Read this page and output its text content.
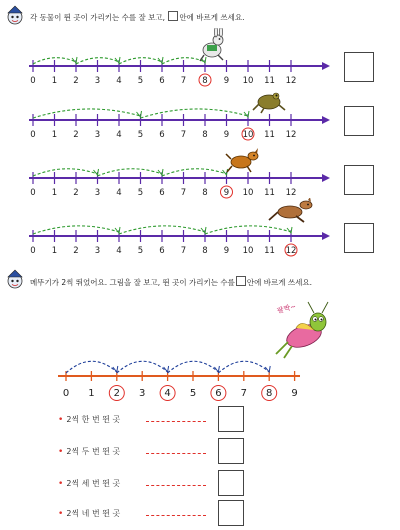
각 동물이 뛴 곳이 가리키는 수를 잘 보고, 안에 바르게 쓰세요.
0 1 2 3 4 5 6 7 8 9 10 11 12
0 1 2 3 4 5 6 7 8 9 10 11 12
0 1 2 3 4 5 6 7 8 9 10 11 12
0 1 2 3 4 5 6 7 8 9 10 11 12
메뚜기가 2씩 뛰었어요. 그림을 잘 보고, 뛴 곳이 가리키는 수를 안에 바르게 쓰세요.
팔짝~
0 1 2 3 4 5 6 7 8 9
• 2씩 한 번 뛴 곳
• 2씩 두 번 뛴 곳
• 2씩 세 번 뛴 곳
• 2씩 네 번 뛴 곳
